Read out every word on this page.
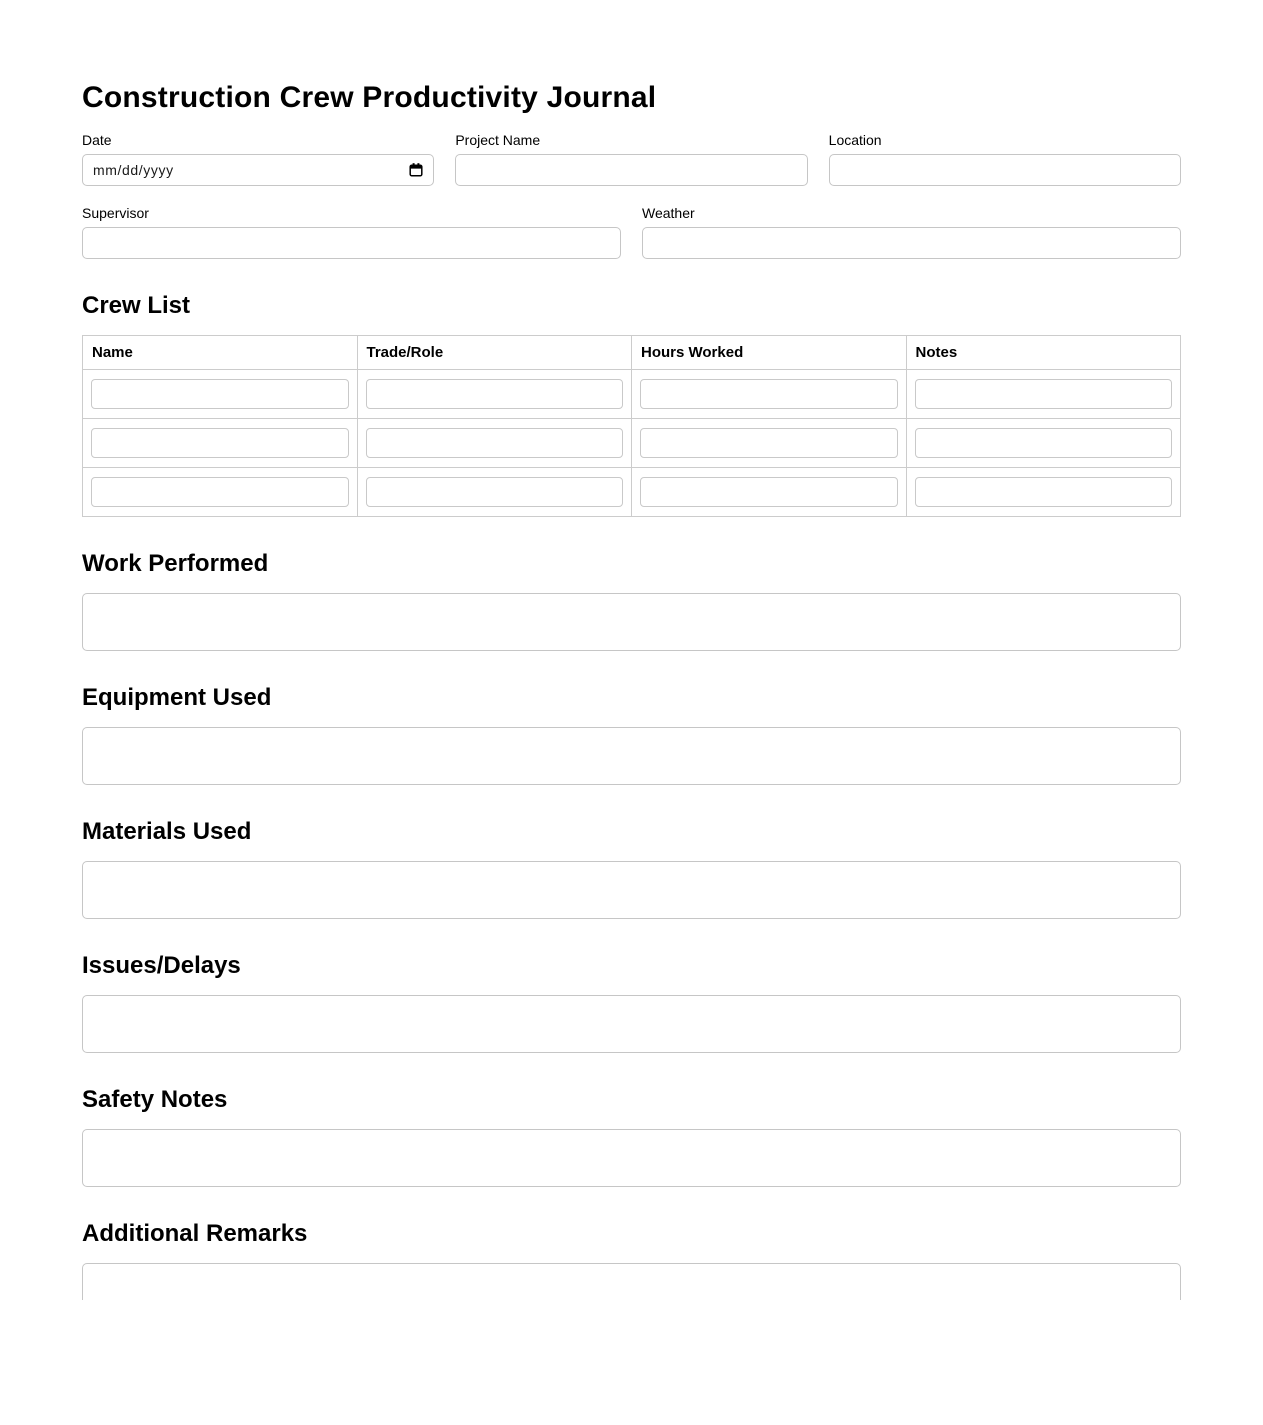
Construction Crew Productivity Journal
Date
mm/dd/yyyy
Project Name	Location
Supervisor	Weather
Crew List
Name	Trade/Role	Hours Worked	Notes

Work Performed
Equipment Used
Materials Used
Issues/Delays
Safety Notes
Additional Remarks
